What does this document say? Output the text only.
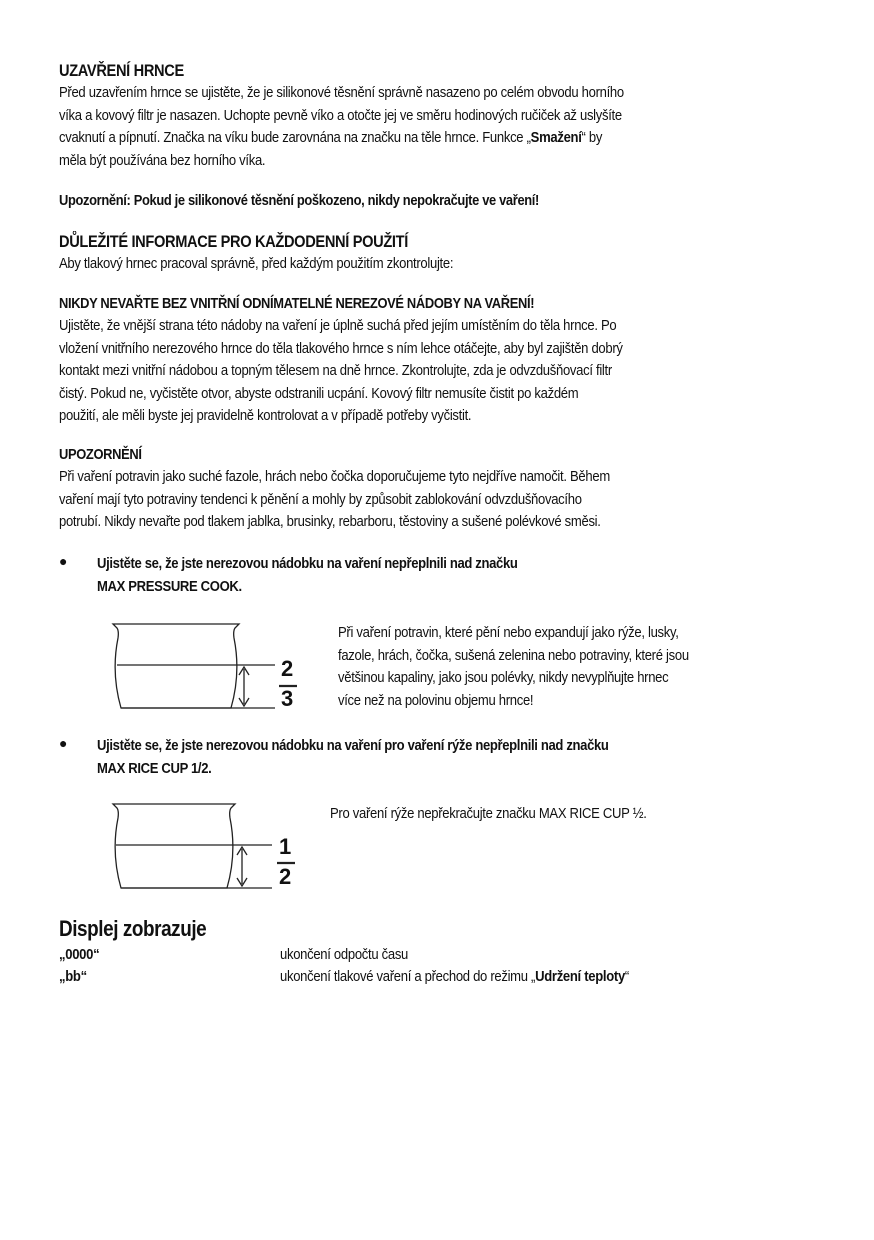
UZAVŘENÍ HRNCE

Před uzavřením hrnce se ujistěte, že je silikonové těsnění správně nasazeno po celém obvodu horního

víka a kovový filtr je nasazen. Uchopte pevně víko a otočte jej ve směru hodinových ručiček až uslyšíte

cvaknutí a pípnutí. Značka na víku bude zarovnána na značku na těle hrnce. Funkce „Smažení“ by

měla být používána bez horního víka.

Upozornění: Pokud je silikonové těsnění poškozeno, nikdy nepokračujte ve vaření!
DŮLEŽITÉ INFORMACE PRO KAŽDODENNÍ POUŽITÍ

Aby tlakový hrnec pracoval správně, před každým použitím zkontrolujte:

NIKDY NEVAŘTE BEZ VNITŘNÍ ODNÍMATELNÉ NEREZOVÉ NÁDOBY NA VAŘENÍ!

Ujistěte, že vnější strana této nádoby na vaření je úplně suchá před jejím umístěním do těla hrnce. Po

vložení vnitřního nerezového hrnce do těla tlakového hrnce s ním lehce otáčejte, aby byl zajištěn dobrý

kontakt mezi vnitřní nádobou a topným tělesem na dně hrnce. Zkontrolujte, zda je odvzdušňovací filtr

čistý. Pokud ne, vyčistěte otvor, abyste odstranili ucpání. Kovový filtr nemusíte čistit po každém

použití, ale měli byste jej pravidelně kontrolovat a v případě potřeby vyčistit.

UPOZORNĚNÍ

Při vaření potravin jako suché fazole, hrách nebo čočka doporučujeme tyto nejdříve namočit. Během

vaření mají tyto potraviny tendenci k pěnění a mohly by způsobit zablokování odvzdušňovacího

potrubí. Nikdy nevařte pod tlakem jablka, brusinky, rebarboru, těstoviny a sušené polévkové směsi.

● Ujistěte se, že jste nerezovou nádobku na vaření nepřeplnili nad značku

MAX PRESSURE COOK.

2
3

Při vaření potravin, které pění nebo expandují jako rýže, lusky,

fazole, hrách, čočka, sušená zelenina nebo potraviny, které jsou

většinou kapaliny, jako jsou polévky, nikdy nevyplňujte hrnec

více než na polovinu objemu hrnce!

● Ujistěte se, že jste nerezovou nádobku na vaření pro vaření rýže nepřeplnili nad značku

MAX RICE CUP 1/2.

1
2

Pro vaření rýže nepřekračujte značku MAX RICE CUP ½.

Displej zobrazuje
„0000“	ukončení odpočtu času
„bb“	ukončení tlakové vaření a přechod do režimu „Udržení teploty“
